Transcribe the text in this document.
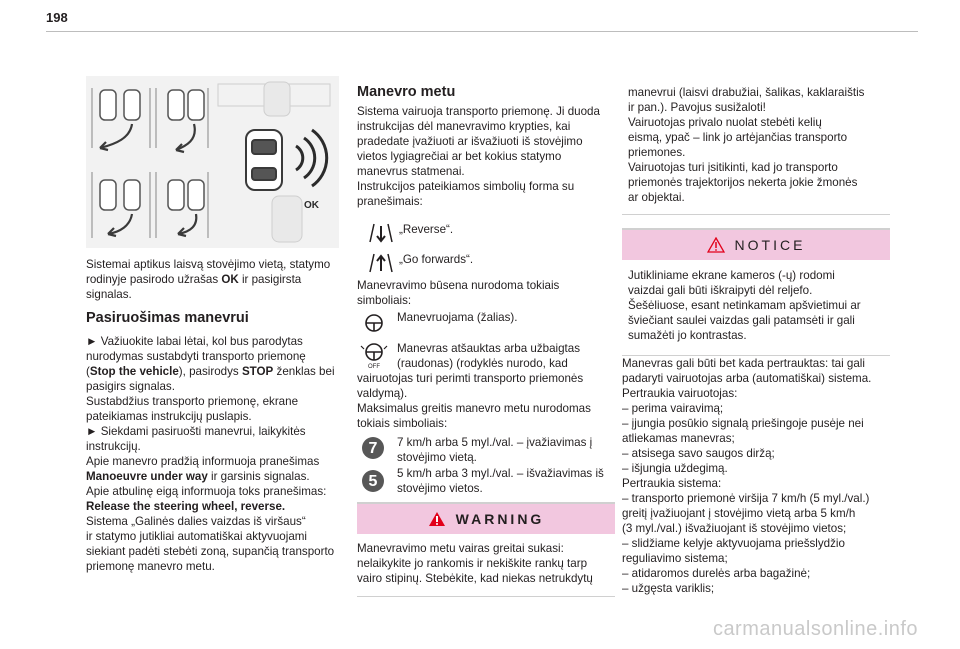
198
OK

Sistemai aptikus laisvą stovėjimo vietą, statymo
rodinyje pasirodo užrašas OK ir pasigirsta
signalas.

Pasiruošimas manevrui

► Važiuokite labai lėtai, kol bus parodytas
nurodymas sustabdyti transporto priemonę
(Stop the vehicle), pasirodys STOP ženklas bei
pasigirs signalas.
Sustabdžius transporto priemonę, ekrane
pateikiamas instrukcijų puslapis.
► Siekdami pasiruošti manevrui, laikykitės
instrukcijų.
Apie manevro pradžią informuoja pranešimas
Manoeuvre under way ir garsinis signalas.
Apie atbulinę eigą informuoja toks pranešimas:
Release the steering wheel, reverse.
Sistema „Galinės dalies vaizdas iš viršaus“
ir statymo jutikliai automatiškai aktyvuojami
siekiant padėti stebėti zoną, supančią transporto
priemonę manevro metu.

Manevro metu

Sistema vairuoja transporto priemonę. Ji duoda
instrukcijas dėl manevravimo krypties, kai
pradedate įvažiuoti ar išvažiuoti iš stovėjimo
vietos lygiagrečiai ar bet kokius statymo
manevrus statmenai.
Instrukcijos pateikiamos simbolių forma su
pranešimais:
„Reverse“.
„Go forwards“.
Manevravimo būsena nurodoma tokiais
simboliais:
Manevruojama (žalias).
OFF
Manevras atšauktas arba užbaigtas
(raudonas) (rodyklės nurodo, kad
vairuotojas turi perimti transporto priemonės
valdymą).
Maksimalus greitis manevro metu nurodomas
tokiais simboliais:
7	7 km/h arba 5 myl./val. – įvažiavimas į
stovėjimo vietą.
5	5 km/h arba 3 myl./val. – išvažiavimas iš
stovėjimo vietos.
WARNING
Manevravimo metu vairas greitai sukasi:
nelaikykite jo rankomis ir nekiškite rankų tarp
vairo stipinų. Stebėkite, kad niekas netrukdytų
manevrui (laisvi drabužiai, šalikas, kaklaraištis
ir pan.). Pavojus susižaloti!
Vairuotojas privalo nuolat stebėti kelių
eismą, ypač – link jo artėjančias transporto
priemones.
Vairuotojas turi įsitikinti, kad jo transporto
priemonės trajektorijos nekerta jokie žmonės
ar objektai.
NOTICE
Jutikliniame ekrane kameros (-ų) rodomi
vaizdai gali būti iškraipyti dėl reljefo.
Šešėliuose, esant netinkamam apšvietimui ar
šviečiant saulei vaizdas gali patamsėti ir gali
sumažėti jo kontrastas.
Manevras gali būti bet kada pertrauktas: tai gali
padaryti vairuotojas arba (automatiškai) sistema.
Pertraukia vairuotojas:
– perima vairavimą;
– įjungia posūkio signalą priešingoje pusėje nei
atliekamas manevras;
– atsisega savo saugos diržą;
– išjungia uždegimą.
Pertraukia sistema:
– transporto priemonė viršija 7 km/h (5 myl./val.)
greitį įvažiuojant į stovėjimo vietą arba 5 km/h
(3 myl./val.) išvažiuojant iš stovėjimo vietos;
– slidžiame kelyje aktyvuojama priešslydžio
reguliavimo sistema;
– atidaromos durelės arba bagažinė;
– užgęsta variklis;
carmanualsonline.info
